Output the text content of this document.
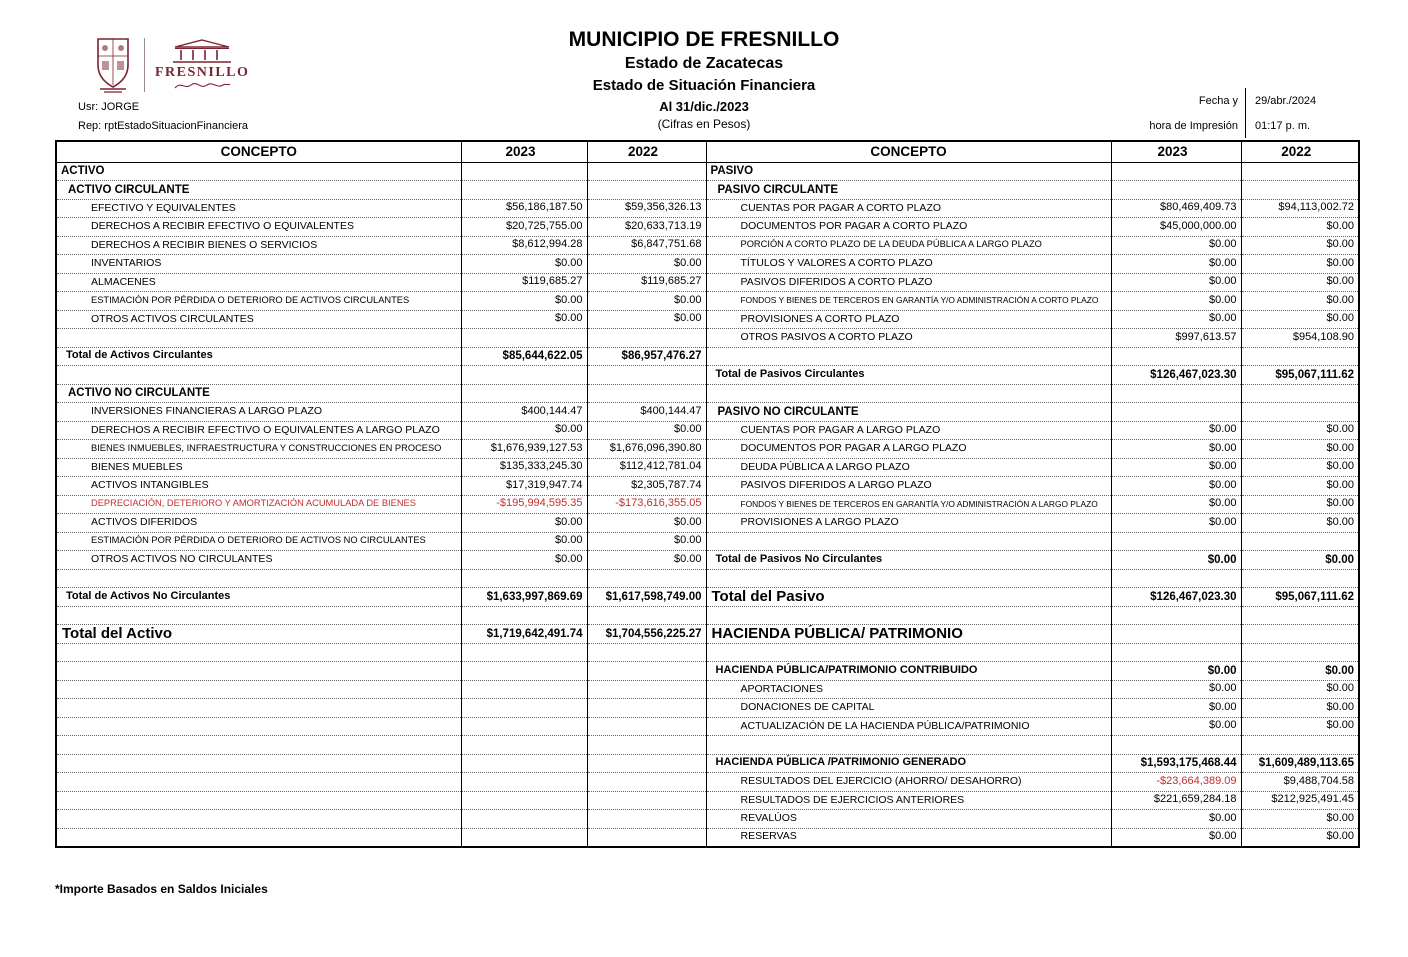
FRESNILLO
MUNICIPIO DE FRESNILLO
Estado de Zacatecas
Estado de Situación Financiera
Al 31/dic./2023
(Cifras en Pesos)
Usr: JORGE
Rep: rptEstadoSituacionFinanciera
Fecha y	29/abr./2024
hora de Impresión	01:17 p. m.
CONCEPTO	2023	2022	CONCEPTO	2023	2022
ACTIVO			PASIVO		
ACTIVO CIRCULANTE			PASIVO CIRCULANTE		
EFECTIVO Y EQUIVALENTES	$56,186,187.50	$59,356,326.13	CUENTAS POR PAGAR A CORTO PLAZO	$80,469,409.73	$94,113,002.72
DERECHOS A RECIBIR EFECTIVO O EQUIVALENTES	$20,725,755.00	$20,633,713.19	DOCUMENTOS POR PAGAR A CORTO PLAZO	$45,000,000.00	$0.00
DERECHOS A RECIBIR BIENES O SERVICIOS	$8,612,994.28	$6,847,751.68	PORCIÓN A CORTO PLAZO DE LA DEUDA PÚBLICA A LARGO PLAZO	$0.00	$0.00
INVENTARIOS	$0.00	$0.00	TÍTULOS Y VALORES A CORTO PLAZO	$0.00	$0.00
ALMACENES	$119,685.27	$119,685.27	PASIVOS DIFERIDOS A CORTO PLAZO	$0.00	$0.00
ESTIMACIÓN POR PÉRDIDA O DETERIORO DE ACTIVOS CIRCULANTES	$0.00	$0.00	FONDOS Y BIENES DE TERCEROS EN GARANTÍA Y/O ADMINISTRACIÓN A CORTO PLAZO	$0.00	$0.00
OTROS ACTIVOS CIRCULANTES	$0.00	$0.00	PROVISIONES A CORTO PLAZO	$0.00	$0.00
			OTROS PASIVOS A CORTO PLAZO	$997,613.57	$954,108.90
Total de Activos Circulantes	$85,644,622.05	$86,957,476.27			
			Total de Pasivos Circulantes	$126,467,023.30	$95,067,111.62
ACTIVO NO CIRCULANTE					
INVERSIONES FINANCIERAS A LARGO PLAZO	$400,144.47	$400,144.47	PASIVO NO CIRCULANTE		
DERECHOS A RECIBIR EFECTIVO O EQUIVALENTES A LARGO PLAZO	$0.00	$0.00	CUENTAS POR PAGAR A LARGO PLAZO	$0.00	$0.00
BIENES INMUEBLES, INFRAESTRUCTURA Y CONSTRUCCIONES EN PROCESO	$1,676,939,127.53	$1,676,096,390.80	DOCUMENTOS POR PAGAR A LARGO PLAZO	$0.00	$0.00
BIENES MUEBLES	$135,333,245.30	$112,412,781.04	DEUDA PÚBLICA A LARGO PLAZO	$0.00	$0.00
ACTIVOS INTANGIBLES	$17,319,947.74	$2,305,787.74	PASIVOS DIFERIDOS A LARGO PLAZO	$0.00	$0.00
DEPRECIACIÓN, DETERIORO Y AMORTIZACIÓN ACUMULADA DE BIENES	-$195,994,595.35	-$173,616,355.05	FONDOS Y BIENES DE TERCEROS EN GARANTÍA Y/O ADMINISTRACIÓN A LARGO PLAZO	$0.00	$0.00
ACTIVOS DIFERIDOS	$0.00	$0.00	PROVISIONES A LARGO PLAZO	$0.00	$0.00
ESTIMACIÓN POR PÉRDIDA O DETERIORO DE ACTIVOS NO CIRCULANTES	$0.00	$0.00			
OTROS ACTIVOS NO CIRCULANTES	$0.00	$0.00	Total de Pasivos No Circulantes	$0.00	$0.00

Total de Activos No Circulantes	$1,633,997,869.69	$1,617,598,749.00	Total del Pasivo	$126,467,023.30	$95,067,111.62

Total del Activo	$1,719,642,491.74	$1,704,556,225.27	HACIENDA PÚBLICA/ PATRIMONIO		

			HACIENDA PÚBLICA/PATRIMONIO CONTRIBUIDO	$0.00	$0.00
			APORTACIONES	$0.00	$0.00
			DONACIONES DE CAPITAL	$0.00	$0.00
			ACTUALIZACIÓN DE LA HACIENDA PÚBLICA/PATRIMONIO	$0.00	$0.00

			HACIENDA PÚBLICA /PATRIMONIO GENERADO	$1,593,175,468.44	$1,609,489,113.65
			RESULTADOS DEL EJERCICIO (AHORRO/ DESAHORRO)	-$23,664,389.09	$9,488,704.58
			RESULTADOS DE EJERCICIOS ANTERIORES	$221,659,284.18	$212,925,491.45
			REVALÚOS	$0.00	$0.00
			RESERVAS	$0.00	$0.00
*Importe Basados en Saldos Iniciales
